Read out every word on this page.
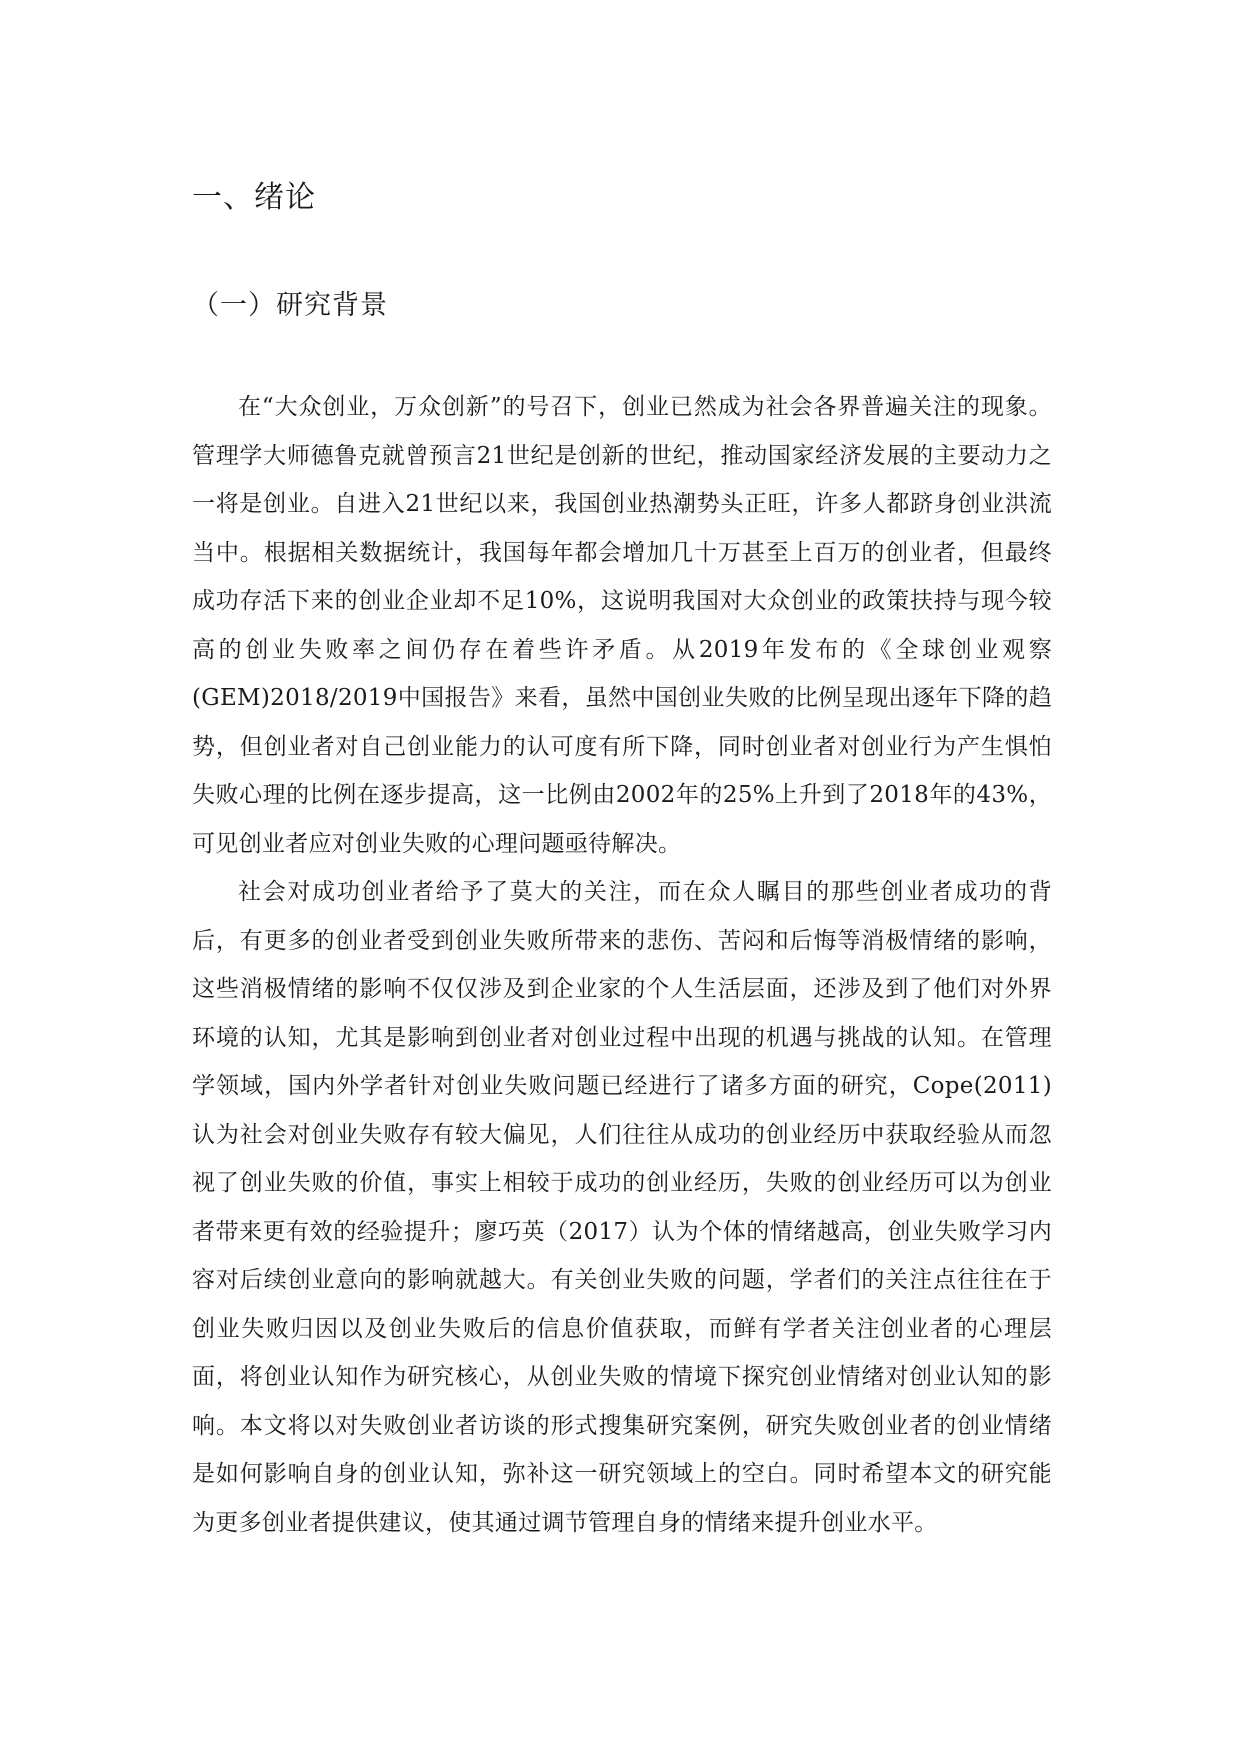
一、绪论
（一）研究背景

在“大众创业，万众创新”的号召下，创业已然成为社会各界普遍关注的现象。管理学大师德鲁克就曾预言21世纪是创新的世纪，推动国家经济发展的主要动力之一将是创业。自进入21世纪以来，我国创业热潮势头正旺，许多人都跻身创业洪流当中。根据相关数据统计，我国每年都会增加几十万甚至上百万的创业者，但最终成功存活下来的创业企业却不足10%，这说明我国对大众创业的政策扶持与现今较高的创业失败率之间仍存在着些许矛盾。从2019年发布的《全球创业观察(GEM)2018/2019中国报告》来看，虽然中国创业失败的比例呈现出逐年下降的趋势，但创业者对自己创业能力的认可度有所下降，同时创业者对创业行为产生惧怕失败心理的比例在逐步提高，这一比例由2002年的25%上升到了2018年的43%，可见创业者应对创业失败的心理问题亟待解决。

社会对成功创业者给予了莫大的关注，而在众人瞩目的那些创业者成功的背后，有更多的创业者受到创业失败所带来的悲伤、苦闷和后悔等消极情绪的影响，这些消极情绪的影响不仅仅涉及到企业家的个人生活层面，还涉及到了他们对外界环境的认知，尤其是影响到创业者对创业过程中出现的机遇与挑战的认知。在管理学领域，国内外学者针对创业失败问题已经进行了诸多方面的研究，Cope(2011)认为社会对创业失败存有较大偏见，人们往往从成功的创业经历中获取经验从而忽视了创业失败的价值，事实上相较于成功的创业经历，失败的创业经历可以为创业者带来更有效的经验提升；廖巧英（2017）认为个体的情绪越高，创业失败学习内容对后续创业意向的影响就越大。有关创业失败的问题，学者们的关注点往往在于创业失败归因以及创业失败后的信息价值获取，而鲜有学者关注创业者的心理层面，将创业认知作为研究核心，从创业失败的情境下探究创业情绪对创业认知的影响。本文将以对失败创业者访谈的形式搜集研究案例，研究失败创业者的创业情绪是如何影响自身的创业认知，弥补这一研究领域上的空白。同时希望本文的研究能为更多创业者提供建议，使其通过调节管理自身的情绪来提升创业水平。
